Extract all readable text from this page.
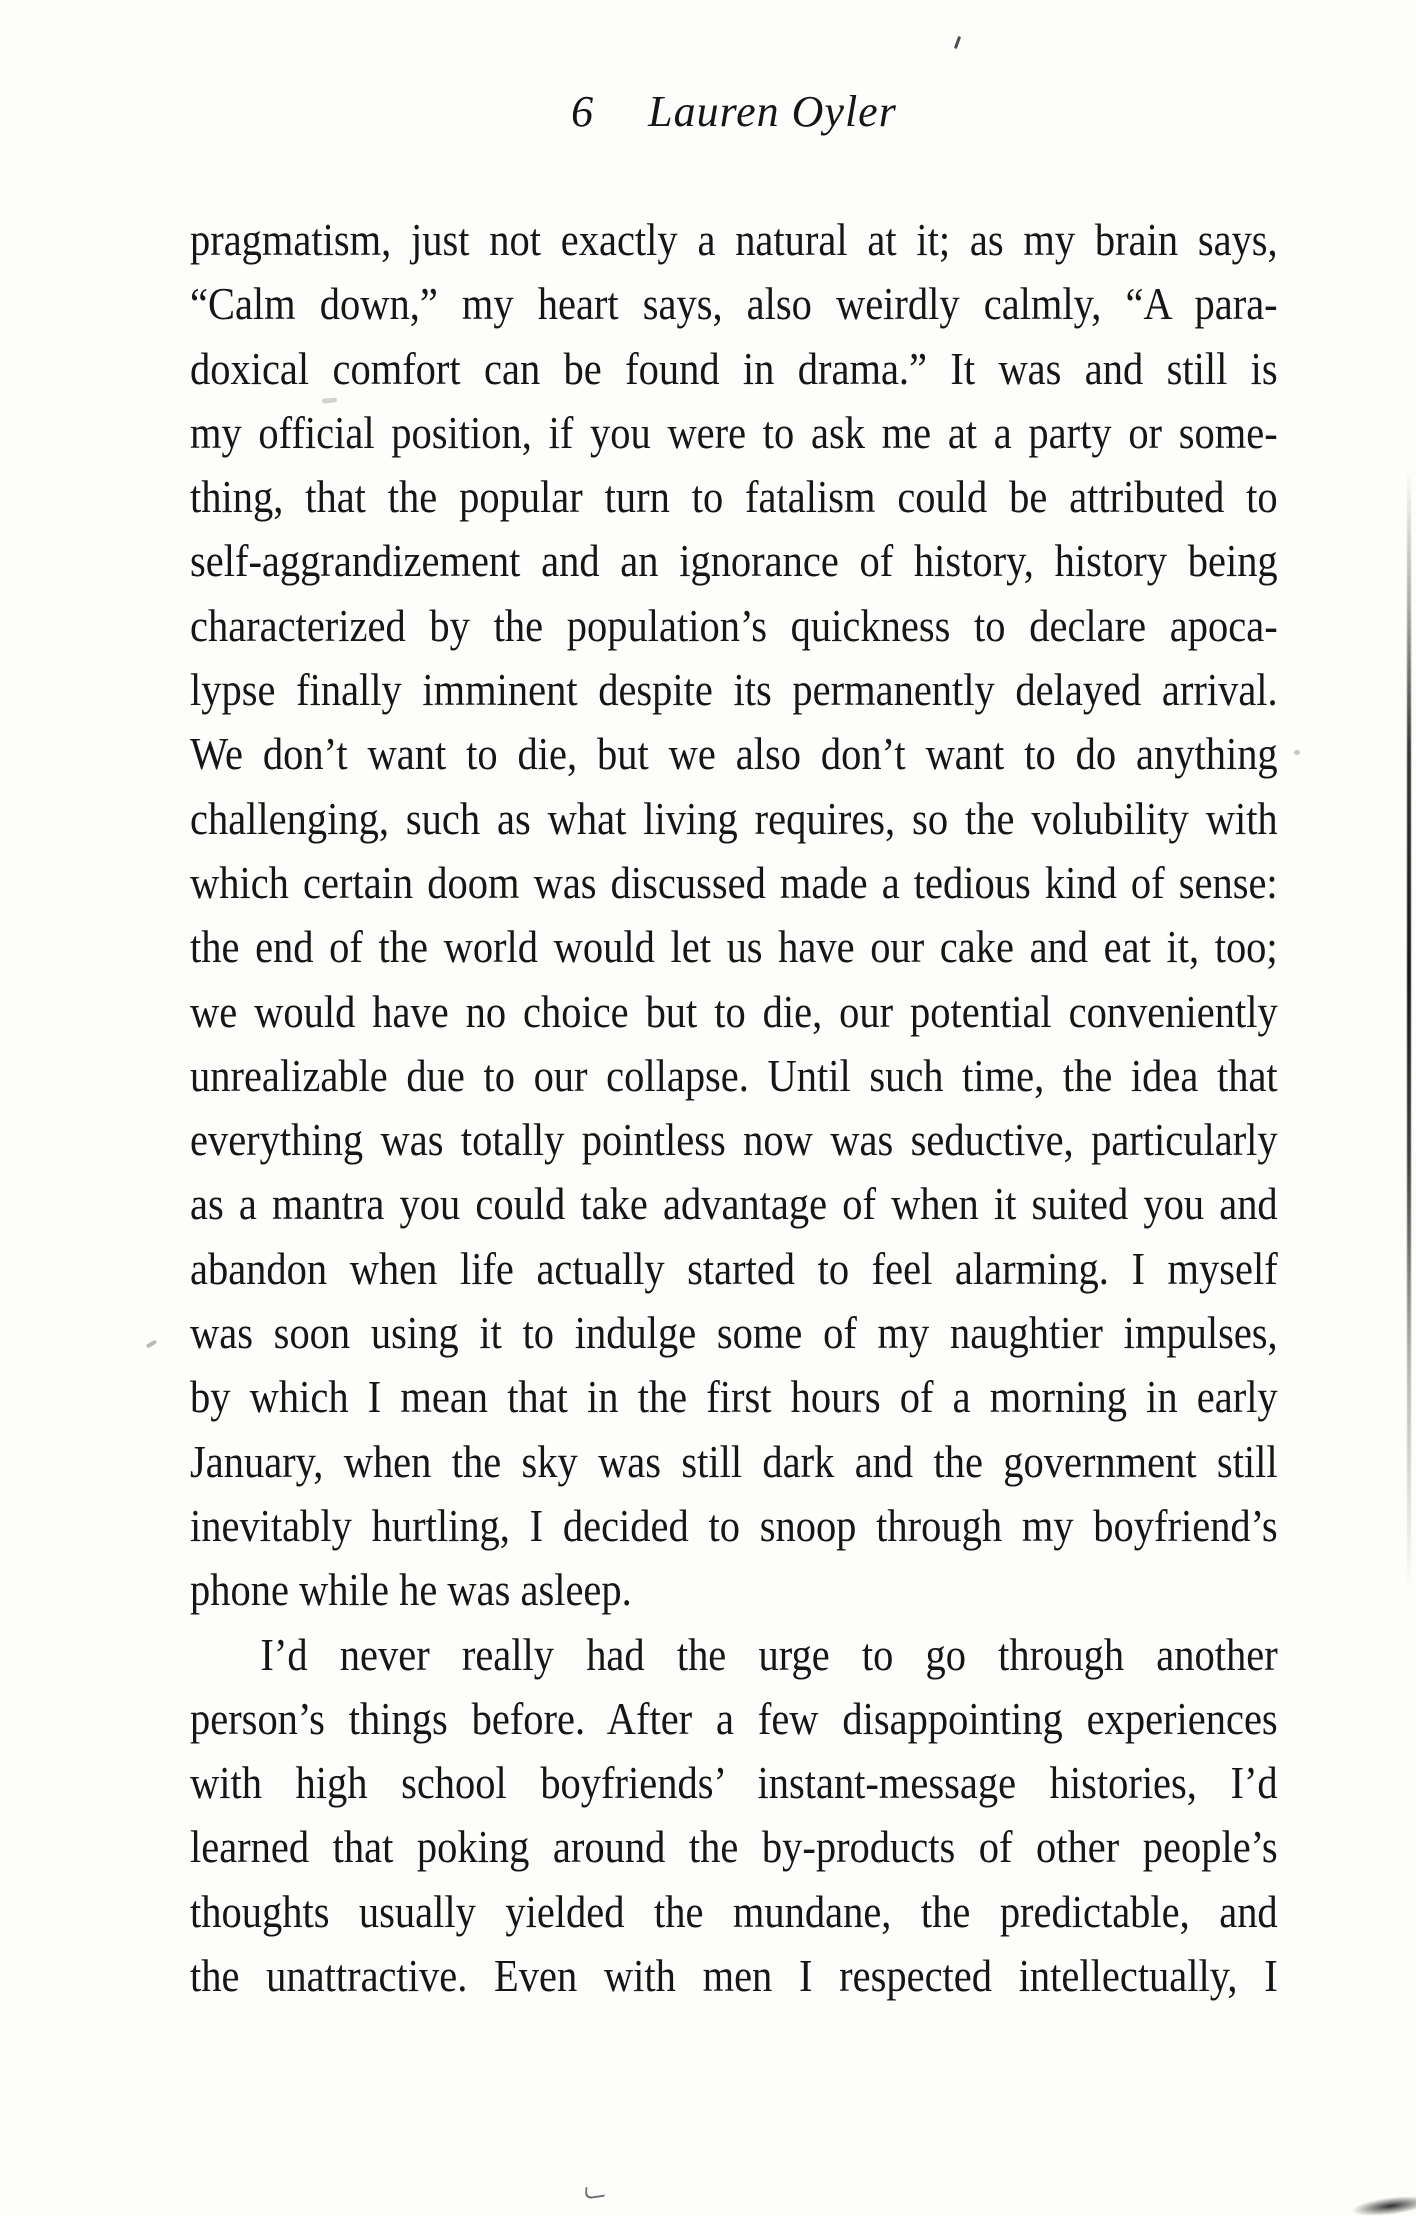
6 Lauren Oyler
pragmatism, just not exactly a natural at it; as my brain says,
“Calm down,” my heart says, also weirdly calmly, “A para-
doxical comfort can be found in drama.” It was and still is
my official position, if you were to ask me at a party or some-
thing, that the popular turn to fatalism could be attributed to
self-aggrandizement and an ignorance of history, history being
characterized by the population’s quickness to declare apoca-
lypse finally imminent despite its permanently delayed arrival.
We don’t want to die, but we also don’t want to do anything
challenging, such as what living requires, so the volubility with
which certain doom was discussed made a tedious kind of sense:
the end of the world would let us have our cake and eat it, too;
we would have no choice but to die, our potential conveniently
unrealizable due to our collapse. Until such time, the idea that
everything was totally pointless now was seductive, particularly
as a mantra you could take advantage of when it suited you and
abandon when life actually started to feel alarming. I myself
was soon using it to indulge some of my naughtier impulses,
by which I mean that in the first hours of a morning in early
January, when the sky was still dark and the government still
inevitably hurtling, I decided to snoop through my boyfriend’s
phone while he was asleep.
I’d never really had the urge to go through another
person’s things before. After a few disappointing experiences
with high school boyfriends’ instant-message histories, I’d
learned that poking around the by-products of other people’s
thoughts usually yielded the mundane, the predictable, and
the unattractive. Even with men I respected intellectually, I
